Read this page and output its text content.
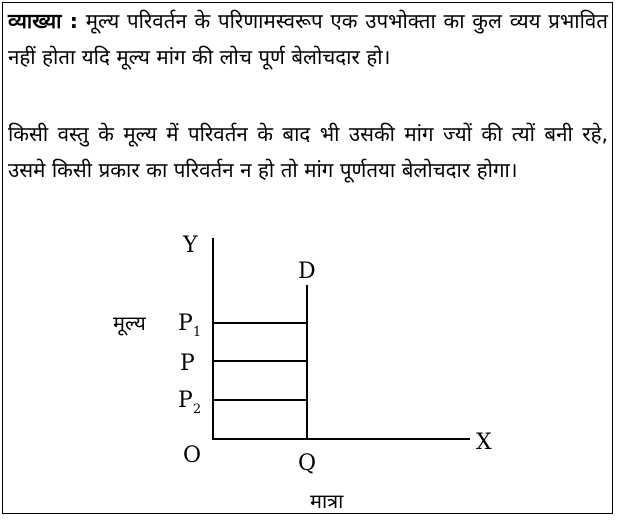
व्याख्या : मूल्य परिवर्तन के परिणामस्वरूप एक उपभोक्ता का कुल व्यय प्रभावित नहीं होता यदि मूल्य मांग की लोच पूर्ण बेलोचदार हो।
किसी वस्तु के मूल्य में परिवर्तन के बाद भी उसकी मांग ज्यों की त्यों बनी रहे, उसमे किसी प्रकार का परिवर्तन न हो तो मांग पूर्णतया बेलोचदार होगा।
Y
X
O
D
Q
मूल्य
मात्रा
$P_1$
P
$P_2$
